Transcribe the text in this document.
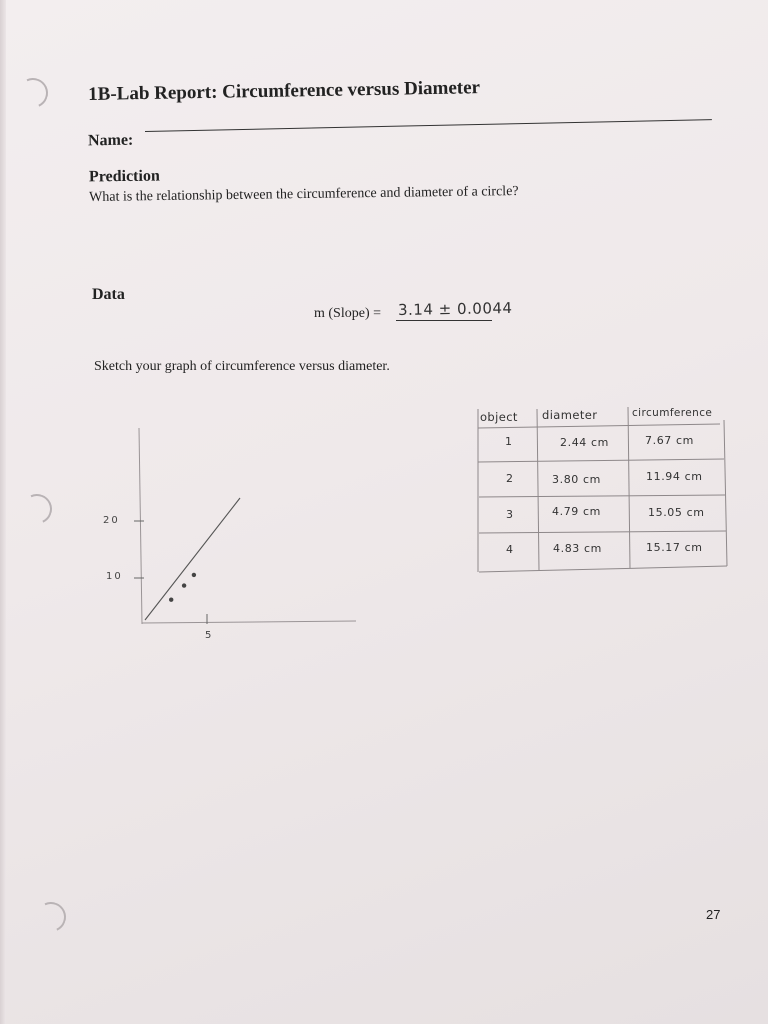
1B-Lab Report: Circumference versus Diameter
Name:
Prediction
What is the relationship between the circumference and diameter of a circle?
Data
m (Slope) = 3.14 ± 0.0044
Sketch your graph of circumference versus diameter.
20
10
5
object diameter	circumference
1	2.44 cm	7.67 cm
2	3.80 cm	11.94 cm
3	4.79 cm	15.05 cm
4	4.83 cm	15.17 cm
27
